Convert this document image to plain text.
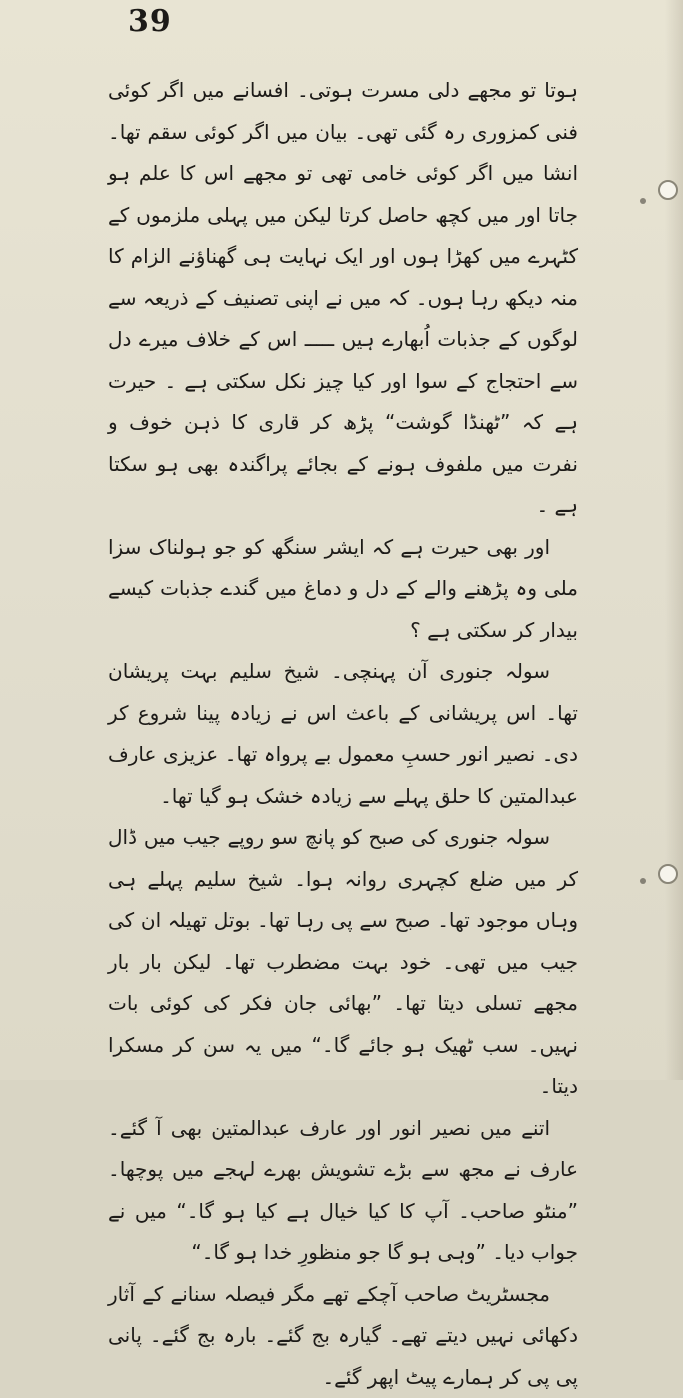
39

ہوتا تو مجھے دلی مسرت ہوتی۔ افسانے میں اگر کوئی فنی کمزوری رہ گئی تھی۔ بیان میں اگر کوئی سقم تھا۔ انشا میں اگر کوئی خامی تھی تو مجھے اس کا علم ہو جاتا اور میں کچھ حاصل کرتا لیکن میں پہلی ملزموں کے کٹہرے میں کھڑا ہوں اور ایک نہایت ہی گھناؤنے الزام کا منہ دیکھ رہا ہوں۔ کہ میں نے اپنی تصنیف کے ذریعہ سے لوگوں کے جذبات اُبھارے ہیں ـــــ اس کے خلاف میرے دل سے احتجاج کے سوا اور کیا چیز نکل سکتی ہے ۔ حیرت ہے کہ ”ٹھنڈا گوشت“ پڑھ کر قاری کا ذہن خوف و نفرت میں ملفوف ہونے کے بجائے پراگندہ بھی ہو سکتا ہے ۔

اور بھی حیرت ہے کہ ایشر سنگھ کو جو ہولناک سزا ملی وہ پڑھنے والے کے دل و دماغ میں گندے جذبات کیسے بیدار کر سکتی ہے ؟

سولہ جنوری آن پہنچی۔ شیخ سلیم بہت پریشان تھا۔ اس پریشانی کے باعث اس نے زیادہ پینا شروع کر دی۔ نصیر انور حسبِ معمول بے پرواہ تھا۔ عزیزی عارف عبدالمتین کا حلق پہلے سے زیادہ خشک ہو گیا تھا۔

سولہ جنوری کی صبح کو پانچ سو روپے جیب میں ڈال کر میں ضلع کچہری روانہ ہوا۔ شیخ سلیم پہلے ہی وہاں موجود تھا۔ صبح سے پی رہا تھا۔ بوتل تھیلہ ان کی جیب میں تھی۔ خود بہت مضطرب تھا۔ لیکن بار بار مجھے تسلی دیتا تھا۔ ”بھائی جان فکر کی کوئی بات نہیں۔ سب ٹھیک ہو جائے گا۔“ میں یہ سن کر مسکرا دیتا۔

اتنے میں نصیر انور اور عارف عبدالمتین بھی آ گئے۔ عارف نے مجھ سے بڑے تشویش بھرے لہجے میں پوچھا۔ ”منٹو صاحب۔ آپ کا کیا خیال ہے کیا ہو گا۔“ میں نے جواب دیا۔ ”وہی ہو گا جو منظورِ خدا ہو گا۔“

مجسٹریٹ صاحب آچکے تھے مگر فیصلہ سنانے کے آثار دکھائی نہیں دیتے تھے۔ گیارہ بج گئے۔ بارہ بج گئے۔ پانی پی پی کر ہمارے پیٹ اپھر گئے۔
